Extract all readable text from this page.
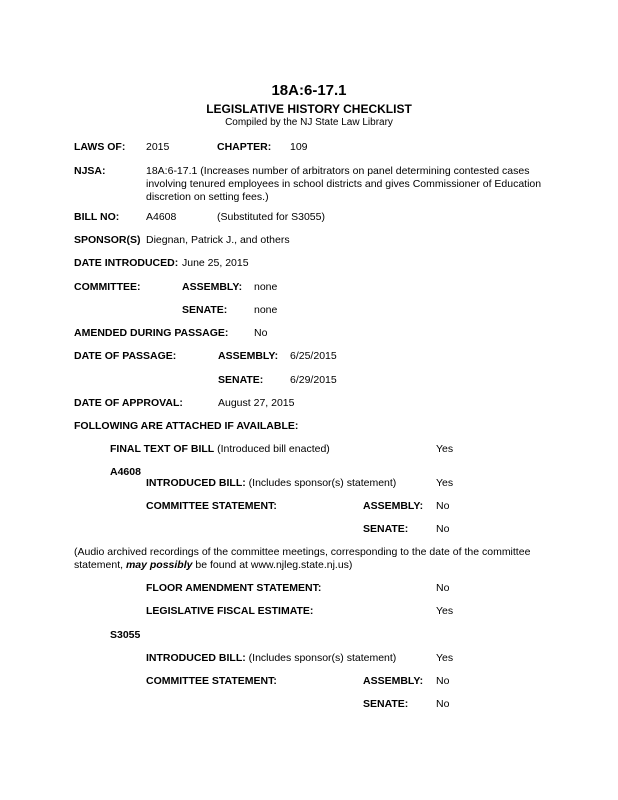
18A:6-17.1
LEGISLATIVE HISTORY CHECKLIST
Compiled by the NJ State Law Library
LAWS OF: 2015	CHAPTER: 109
NJSA:	18A:6-17.1 (Increases number of arbitrators on panel determining contested cases involving tenured employees in school districts and gives Commissioner of Education discretion on setting fees.)
BILL NO:	A4608	(Substituted for S3055)
SPONSOR(S) Diegnan, Patrick J., and others
DATE INTRODUCED: June 25, 2015
COMMITTEE:	ASSEMBLY: none
SENATE:	none
AMENDED DURING PASSAGE: No
DATE OF PASSAGE:	ASSEMBLY: 6/25/2015
SENATE:	6/29/2015
DATE OF APPROVAL:	August 27, 2015
FOLLOWING ARE ATTACHED IF AVAILABLE:
FINAL TEXT OF BILL (Introduced bill enacted)	Yes
A4608
INTRODUCED BILL: (Includes sponsor(s) statement)	Yes
COMMITTEE STATEMENT:	ASSEMBLY: No
SENATE:	No
(Audio archived recordings of the committee meetings, corresponding to the date of the committee statement, may possibly be found at www.njleg.state.nj.us)
FLOOR AMENDMENT STATEMENT:	No
LEGISLATIVE FISCAL ESTIMATE:	Yes
S3055
INTRODUCED BILL: (Includes sponsor(s) statement)	Yes
COMMITTEE STATEMENT:	ASSEMBLY: No
SENATE:	No
